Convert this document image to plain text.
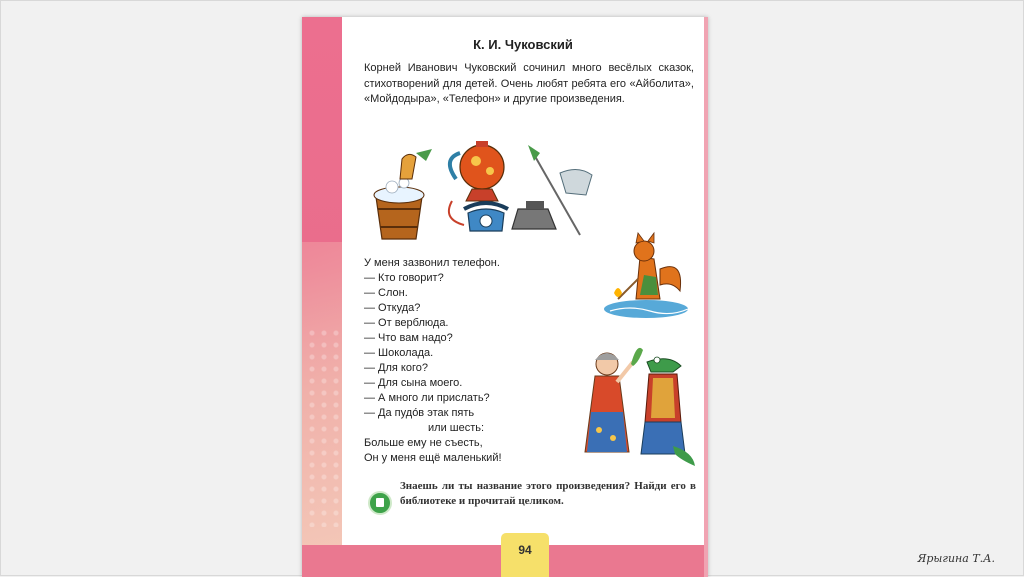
К. И. Чуковский

Корней Иванович Чуковский сочинил много весёлых сказок, стихотворений для детей. Очень любят ребята его «Айболита», «Мойдодыра», «Телефон» и другие произведения.

У меня зазвонил телефон.
— Кто говорит?
— Слон.
— Откуда?
— От верблюда.
— Что вам надо?
— Шоколада.
— Для кого?
— Для сына моего.
— А много ли прислать?
— Да пудóв этак пять
или шесть:
Больше ему не съесть,
Он у меня ещё маленький!

Знаешь ли ты название этого произведения? Найди его в библиотеке и прочитай целиком.

94
Ярыгина Т.А.
